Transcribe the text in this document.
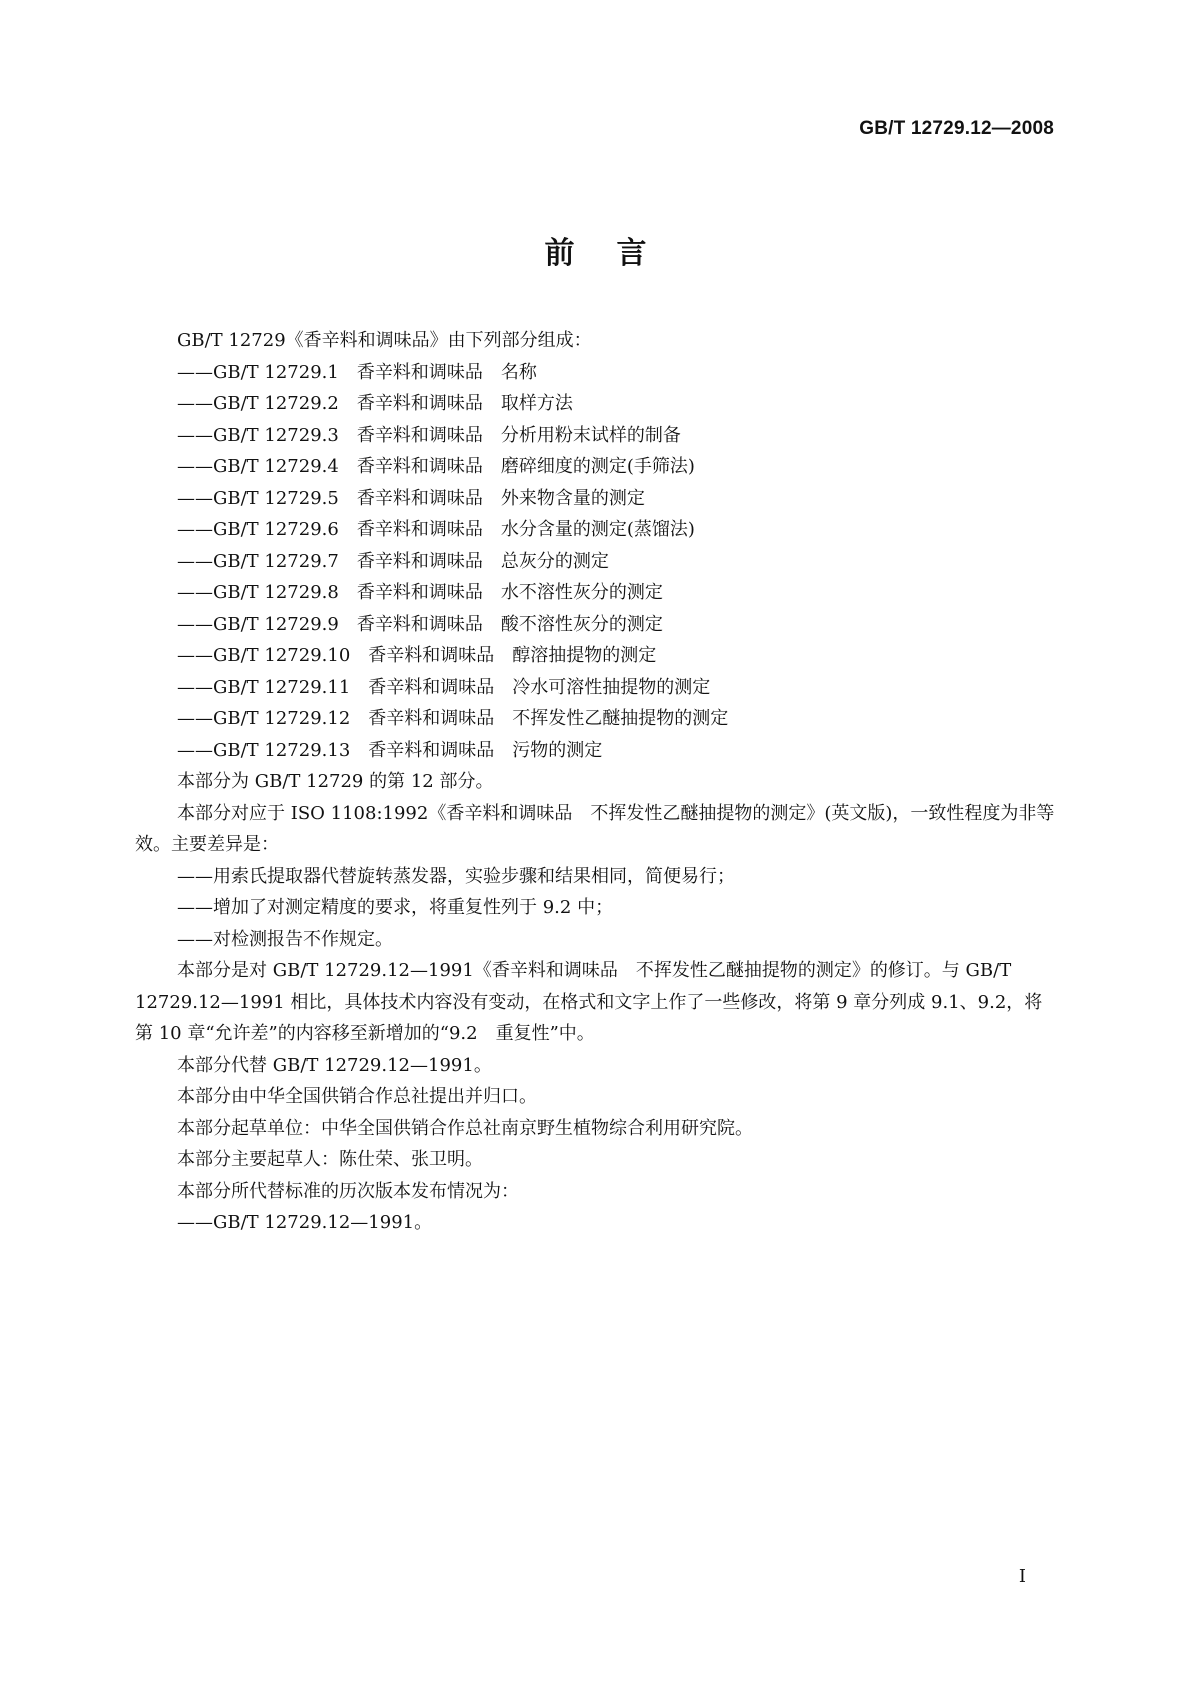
GB/T 12729.12—2008
前言

GB/T 12729《香辛料和调味品》由下列部分组成：

——GB/T 12729.1　 香辛料和调味品　 名称
——GB/T 12729.2　 香辛料和调味品　 取样方法
——GB/T 12729.3　 香辛料和调味品　 分析用粉末试样的制备
——GB/T 12729.4　 香辛料和调味品　 磨碎细度的测定(手筛法)
——GB/T 12729.5　 香辛料和调味品　 外来物含量的测定
——GB/T 12729.6　 香辛料和调味品　 水分含量的测定(蒸馏法)
——GB/T 12729.7　 香辛料和调味品　 总灰分的测定
——GB/T 12729.8　 香辛料和调味品　 水不溶性灰分的测定
——GB/T 12729.9　 香辛料和调味品　 酸不溶性灰分的测定
——GB/T 12729.10　 香辛料和调味品　 醇溶抽提物的测定
——GB/T 12729.11　 香辛料和调味品　 冷水可溶性抽提物的测定
——GB/T 12729.12　 香辛料和调味品　 不挥发性乙醚抽提物的测定
——GB/T 12729.13　 香辛料和调味品　 污物的测定

本部分为 GB/T 12729 的第 12 部分。

本部分对应于 ISO 1108:1992《香辛料和调味品　不挥发性乙醚抽提物的测定》(英文版)，一致性程度为非等效。主要差异是：

——用索氏提取器代替旋转蒸发器，实验步骤和结果相同，简便易行；

——增加了对测定精度的要求，将重复性列于 9.2 中；

——对检测报告不作规定。

本部分是对 GB/T 12729.12—1991《香辛料和调味品　不挥发性乙醚抽提物的测定》的修订。与 GB/T 12729.12—1991 相比，具体技术内容没有变动，在格式和文字上作了一些修改，将第 9 章分列成 9.1、9.2，将第 10 章“允许差”的内容移至新增加的“9.2　重复性”中。

本部分代替 GB/T 12729.12—1991。

本部分由中华全国供销合作总社提出并归口。

本部分起草单位：中华全国供销合作总社南京野生植物综合利用研究院。

本部分主要起草人：陈仕荣、张卫明。

本部分所代替标准的历次版本发布情况为：

——GB/T 12729.12—1991。

I
